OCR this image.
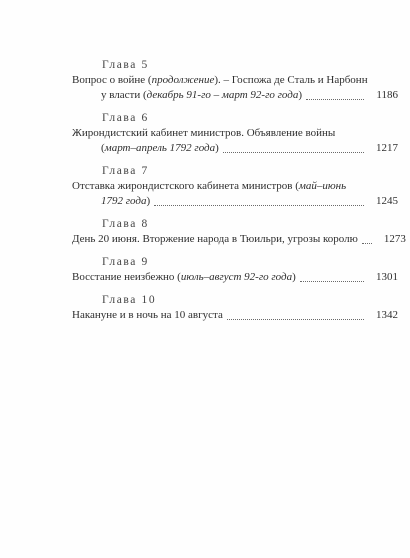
Глава 5
Вопрос о войне (продолжение). – Госпожа де Сталь и Нарбонн
у власти (декабрь 91-го – март 92-го года)	1186
Глава 6
Жирондистский кабинет министров. Объявление войны
(март–апрель 1792 года)	1217
Глава 7
Отставка жирондистского кабинета министров (май–июнь
1792 года)	1245
Глава 8
День 20 июня. Вторжение народа в Тюильри, угрозы королю	1273
Глава 9
Восстание неизбежно (июль–август 92-го года)	1301
Глава 10
Накануне и в ночь на 10 августа	1342
